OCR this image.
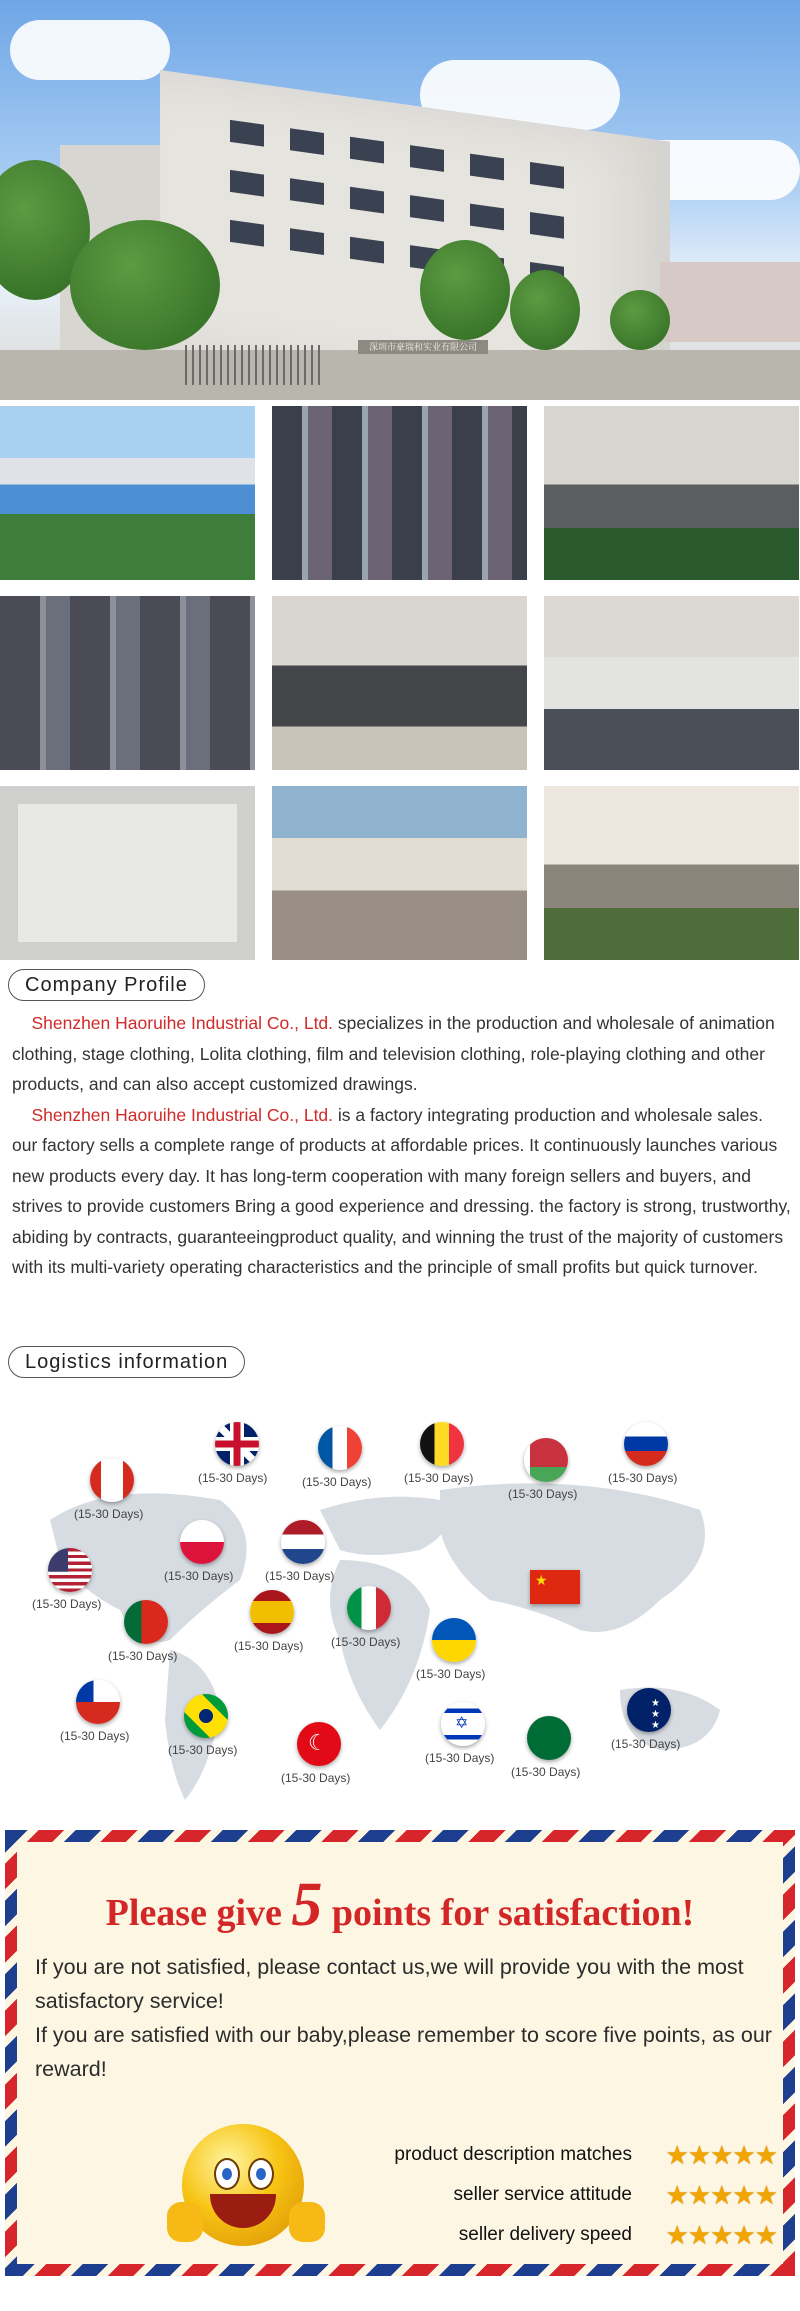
深圳市豪瑞和实业有限公司
Company Profile

Shenzhen Haoruihe Industrial Co., Ltd. specializes in the production and wholesale of animation clothing, stage clothing, Lolita clothing, film and television clothing, role-playing clothing and other products, and can also accept customized drawings.

Shenzhen Haoruihe Industrial Co., Ltd. is a factory integrating production and wholesale sales. our factory sells a complete range of products at affordable prices. It continuously launches various new products every day. It has long-term cooperation with many foreign sellers and buyers, and strives to provide customers Bring a good experience and dressing. the factory is strong, trustworthy, abiding by contracts, guaranteeingproduct quality, and winning the trust of the majority of customers with its multi-variety operating characteristics and the principle of small profits but quick turnover.

Logistics information
(15-30 Days)	(15-30 Days)	(15-30 Days)	(15-30 Days)
(15-30 Days)
(15-30 Days)
(15-30 Days)	(15-30 Days)
(15-30 Days)
★
(15-30 Days)
(15-30 Days) (15-30 Days)
(15-30 Days)
(15-30 Days)
(15-30 Days)	☾
(15-30 Days)
✡
(15-30 Days)
(15-30 Days)
★ ★
★
(15-30 Days)
Please give 5 points for satisfaction!

If you are not satisfied, please contact us,we will provide you with the most satisfactory service!

If you are satisfied with our baby,please remember to score five points, as our reward!

product description matches ★★★★★
seller service attitude ★★★★★
seller delivery speed ★★★★★
